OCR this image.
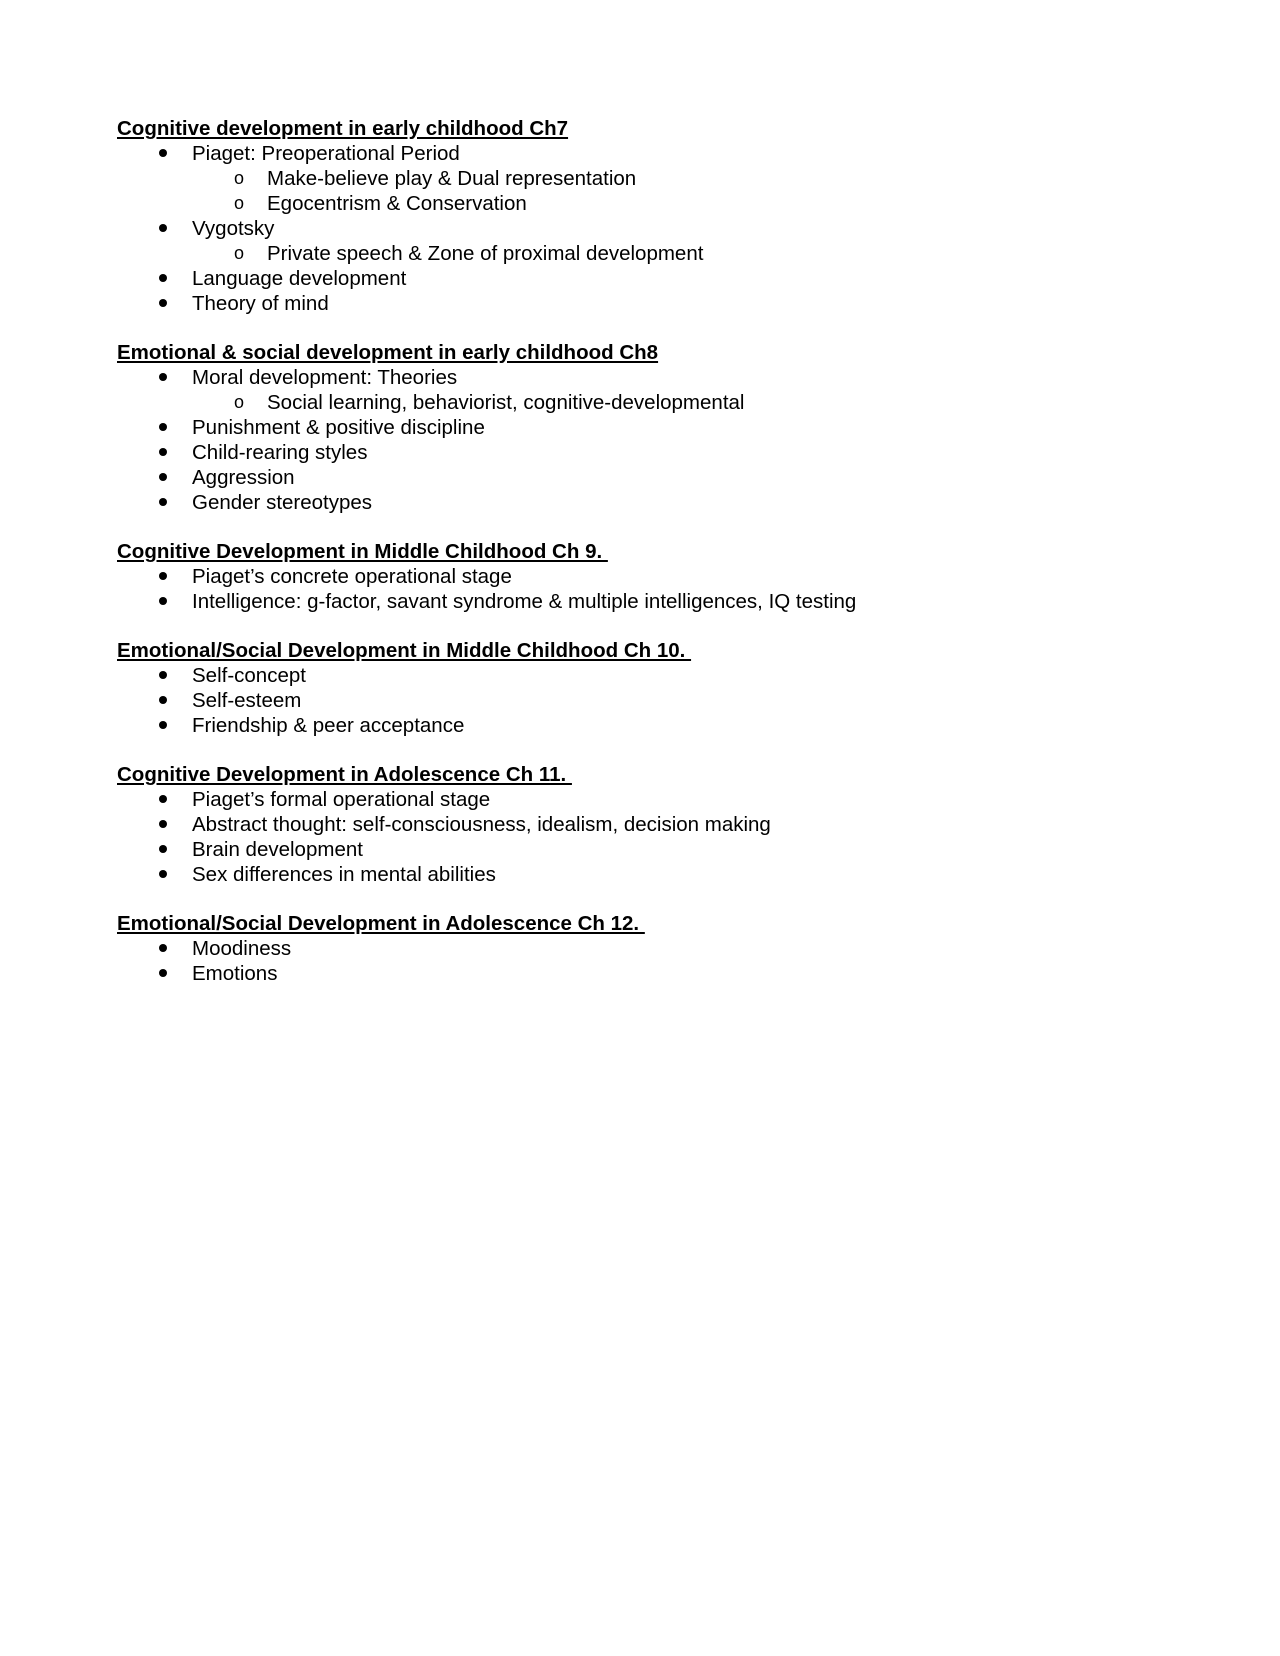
Cognitive development in early childhood Ch7
Piaget: Preoperational Period
o Make-believe play & Dual representation
o Egocentrism & Conservation
Vygotsky
o Private speech & Zone of proximal development
Language development
Theory of mind
Emotional & social development in early childhood Ch8
Moral development: Theories
o Social learning, behaviorist, cognitive-developmental
Punishment & positive discipline
Child-rearing styles
Aggression
Gender stereotypes
Cognitive Development in Middle Childhood Ch 9.
Piaget’s concrete operational stage
Intelligence: g-factor, savant syndrome & multiple intelligences, IQ testing
Emotional/Social Development in Middle Childhood Ch 10.
Self-concept
Self-esteem
Friendship & peer acceptance
Cognitive Development in Adolescence Ch 11.
Piaget’s formal operational stage
Abstract thought: self-consciousness, idealism, decision making
Brain development
Sex differences in mental abilities
Emotional/Social Development in Adolescence Ch 12.
Moodiness
Emotions
